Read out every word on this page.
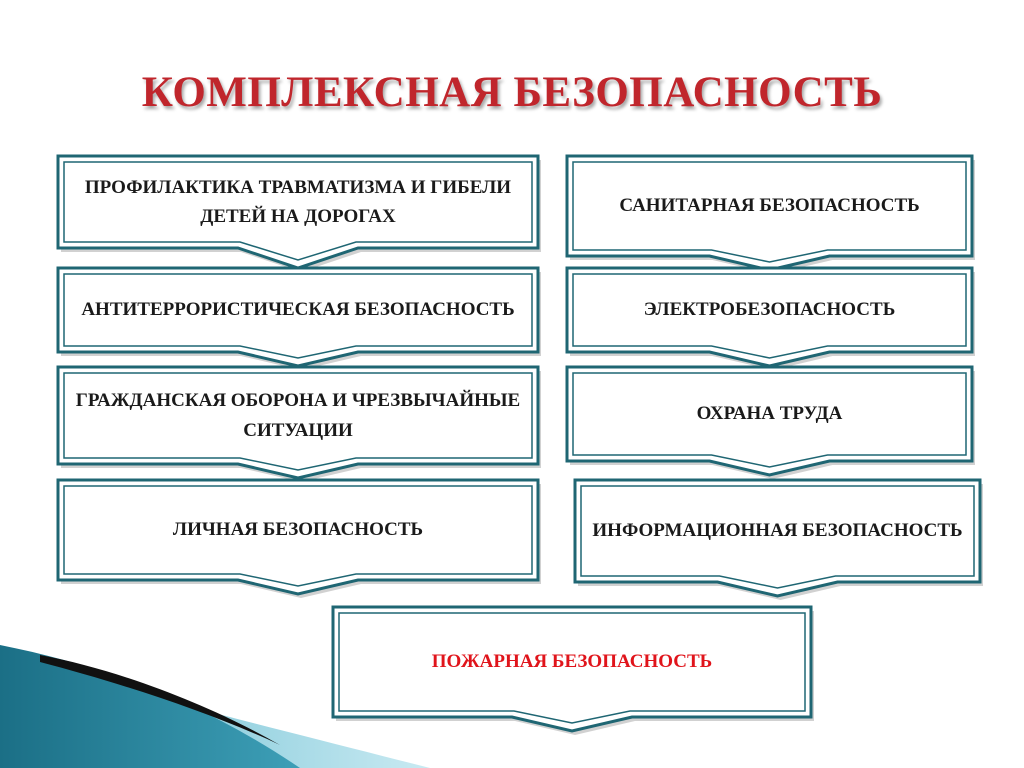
КОМПЛЕКСНАЯ БЕЗОПАСНОСТЬ
ПРОФИЛАКТИКА ТРАВМАТИЗМА И ГИБЕЛИ ДЕТЕЙ НА ДОРОГАХ
САНИТАРНАЯ БЕЗОПАСНОСТЬ
АНТИТЕРРОРИСТИЧЕСКАЯ БЕЗОПАСНОСТЬ	ЭЛЕКТРОБЕЗОПАСНОСТЬ
ГРАЖДАНСКАЯ ОБОРОНА И ЧРЕЗВЫЧАЙНЫЕ СИТУАЦИИ
ОХРАНА ТРУДА
ЛИЧНАЯ БЕЗОПАСНОСТЬ	ИНФОРМАЦИОННАЯ БЕЗОПАСНОСТЬ
ПОЖАРНАЯ БЕЗОПАСНОСТЬ
